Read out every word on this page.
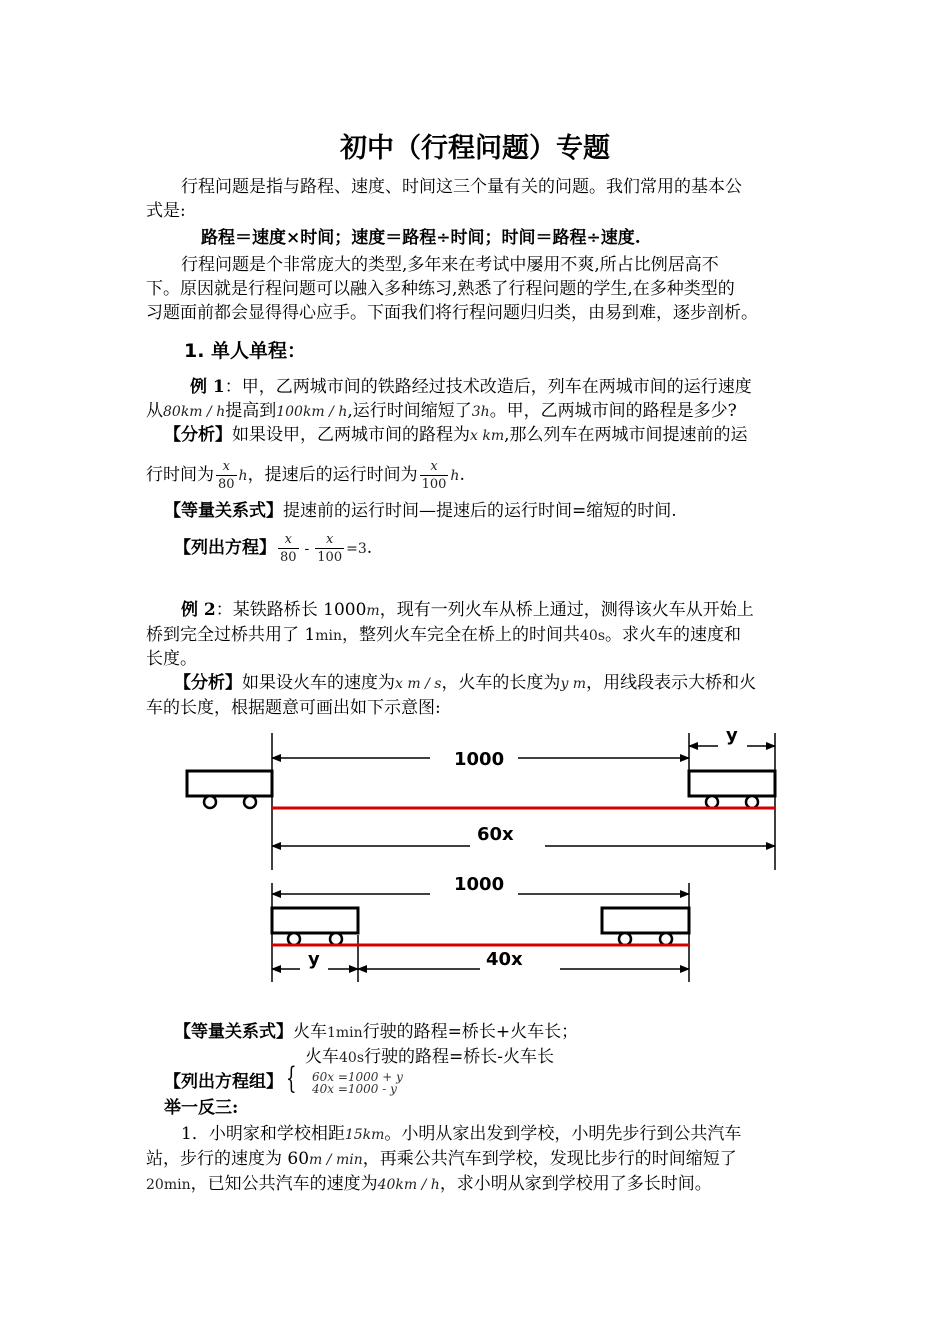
初中（行程问题）专题
行程问题是指与路程、速度、时间这三个量有关的问题。我们常用的基本公
式是:
路程＝速度×时间；速度＝路程÷时间；时间＝路程÷速度.
行程问题是个非常庞大的类型,多年来在考试中屡用不爽,所占比例居高不
下。原因就是行程问题可以融入多种练习,熟悉了行程问题的学生,在多种类型的
习题面前都会显得得心应手。下面我们将行程问题归归类，由易到难，逐步剖析。
1. 单人单程：
例 1：甲，乙两城市间的铁路经过技术改造后，列车在两城市间的运行速度
从80km / h提高到100km / h,运行时间缩短了3h。甲，乙两城市间的路程是多少?
【分析】如果设甲，乙两城市间的路程为x km,那么列车在两城市间提速前的运
行时间为 $\frac{x}{80}$ h，提速后的运行时间为 $\frac{x}{100} h$.
【等量关系式】提速前的运行时间—提速后的运行时间=缩短的时间.
【列出方程】 $\frac{x}{80} - \frac{x}{100} =3$.
例 2：某铁路桥长 1000m，现有一列火车从桥上通过，测得该火车从开始上
桥到完全过桥共用了 1min，整列火车完全在桥上的时间共40s。求火车的速度和
长度。
【分析】如果设火车的速度为x m / s，火车的长度为y m，用线段表示大桥和火
车的长度，根据题意可画出如下示意图:
y
1000
60x
1000
y	40x
【等量关系式】火车1min行驶的路程=桥长+火车长；
火车40s行驶的路程=桥长-火车长
【列出方程组】 { 60x =1000 + y
40x =1000 - y
举一反三:
1．小明家和学校相距15km。小明从家出发到学校，小明先步行到公共汽车
站，步行的速度为 60m / min，再乘公共汽车到学校，发现比步行的时间缩短了
20min，已知公共汽车的速度为40km / h，求小明从家到学校用了多长时间。
